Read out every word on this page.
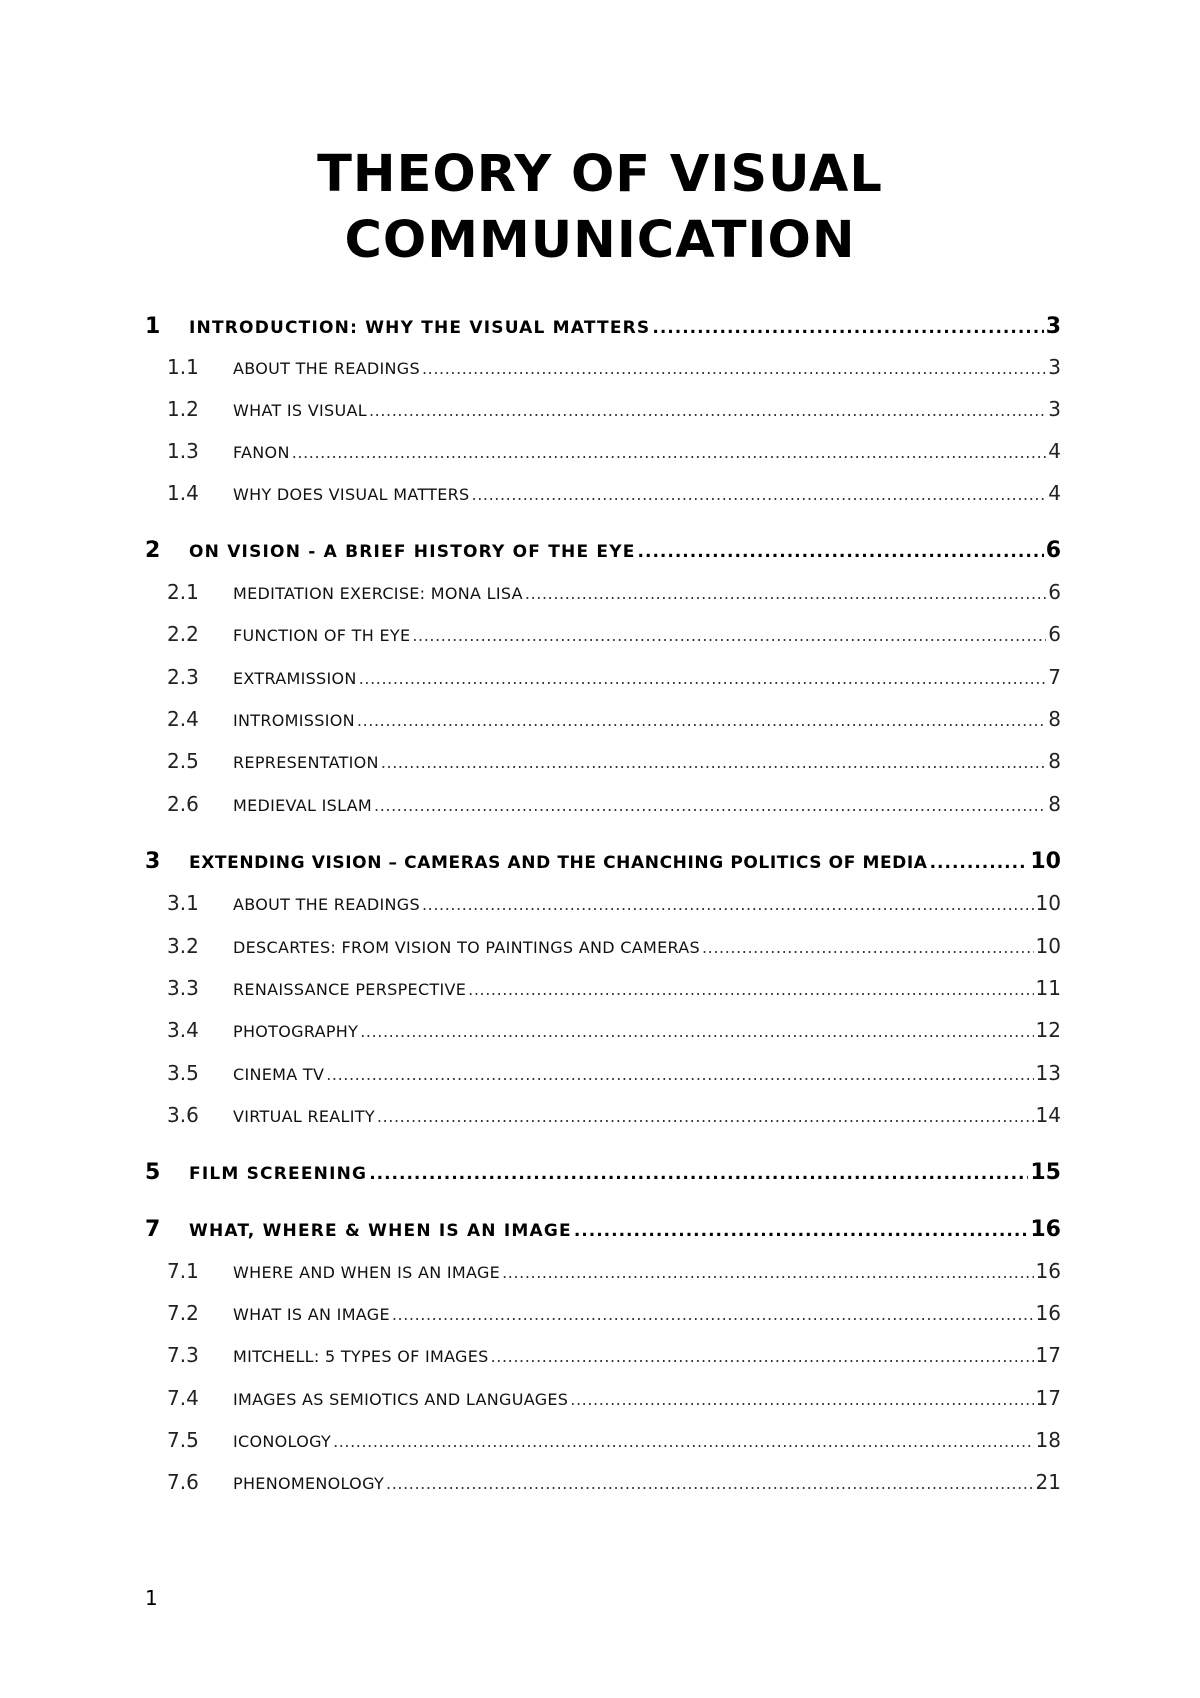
THEORY OF VISUAL
COMMUNICATION
1	INTRODUCTION: WHY THE VISUAL MATTERS .....	3
1.1	ABOUT THE READINGS .....	3
1.2	WHAT IS VISUAL .....	3
1.3	FANON .....	4
1.4	WHY DOES VISUAL MATTERS .....	4
2	ON VISION - A BRIEF HISTORY OF THE EYE .....	6
2.1	MEDITATION EXERCISE: MONA LISA .....	6
2.2	FUNCTION OF TH EYE .....	6
2.3	EXTRAMISSION .....	7
2.4	INTROMISSION .....	8
2.5	REPRESENTATION .....	8
2.6	MEDIEVAL ISLAM .....	8
3	EXTENDING VISION – CAMERAS AND THE CHANCHING POLITICS OF MEDIA .....	10
3.1	ABOUT THE READINGS .....	10
3.2	DESCARTES: FROM VISION TO PAINTINGS AND CAMERAS .....	10
3.3	RENAISSANCE PERSPECTIVE .....	11
3.4	PHOTOGRAPHY .....	12
3.5	CINEMA TV .....	13
3.6	VIRTUAL REALITY .....	14
5	FILM SCREENING .....	15
7	WHAT, WHERE & WHEN IS AN IMAGE .....	16
7.1	WHERE AND WHEN IS AN IMAGE .....	16
7.2	WHAT IS AN IMAGE .....	16
7.3	MITCHELL: 5 TYPES OF IMAGES .....	17
7.4	IMAGES AS SEMIOTICS AND LANGUAGES .....	17
7.5	ICONOLOGY .....	18
7.6	PHENOMENOLOGY .....	21
1
